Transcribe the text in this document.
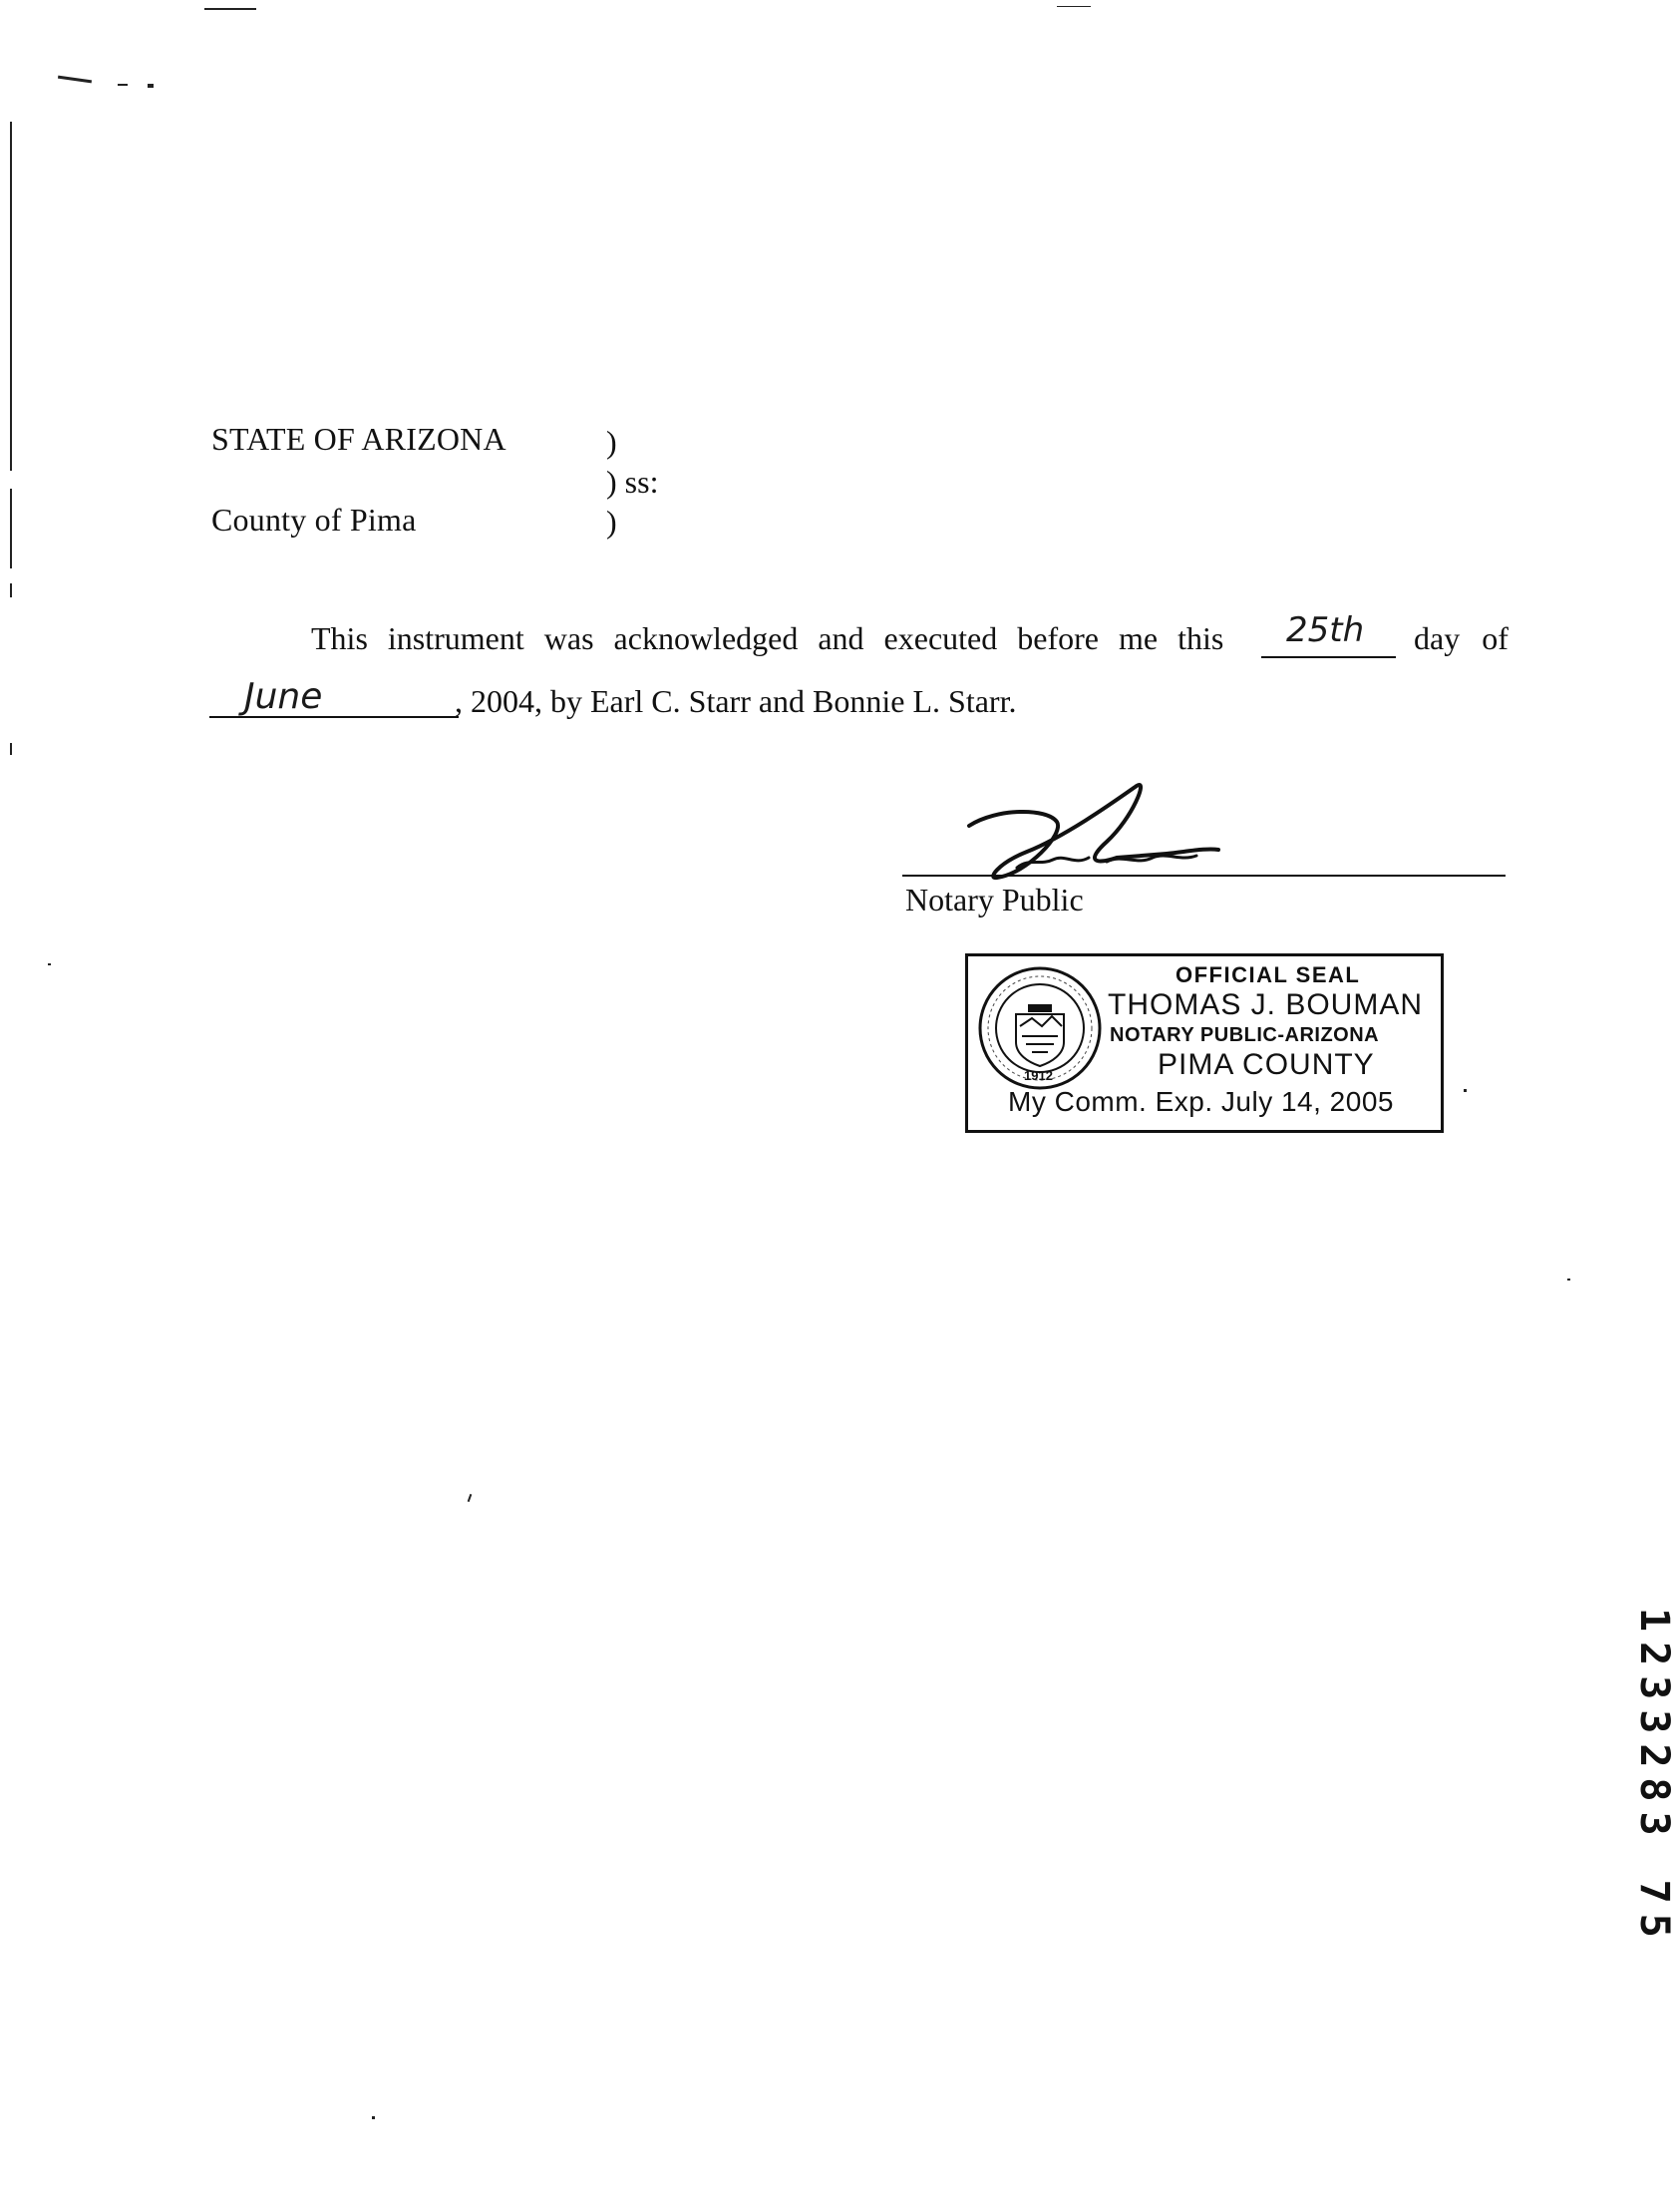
STATE OF ARIZONA
County of Pima
)
) ss:
)
This instrument was acknowledged and executed before me this 25th day of
June	, 2004, by Earl C. Starr and Bonnie L. Starr.
Notary Public
1912
OFFICIAL SEAL
THOMAS J. BOUMAN
NOTARY PUBLIC-ARIZONA
PIMA COUNTY
My Comm. Exp. July 14, 2005
1233283 75
